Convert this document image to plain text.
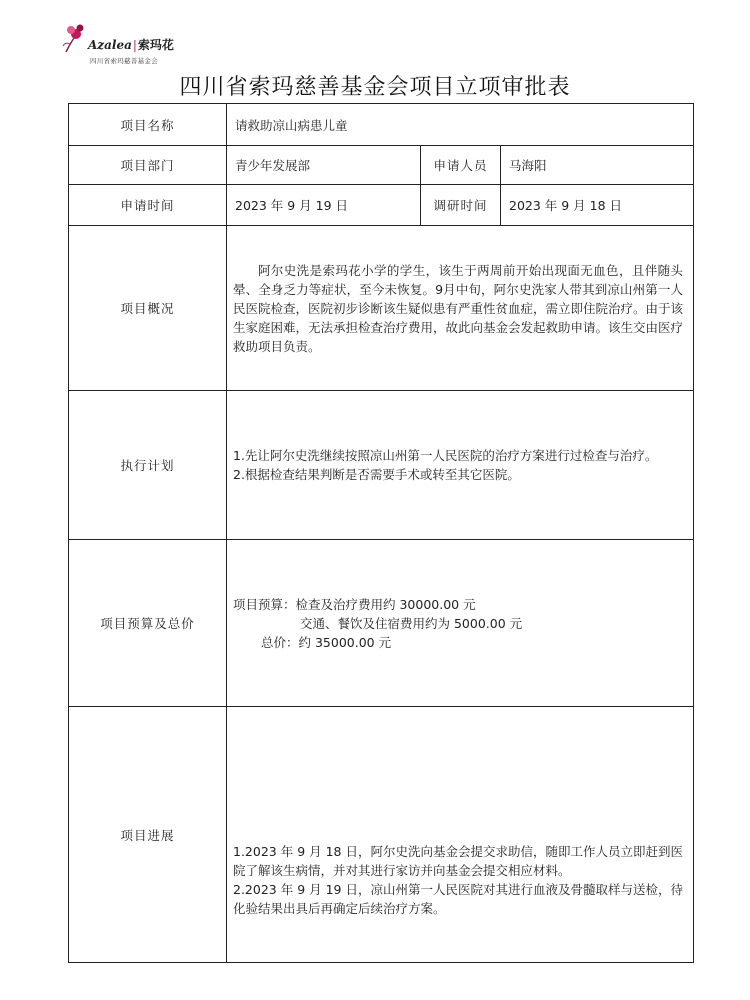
Azalea|索玛花
四川省索玛慈善基金会
四川省索玛慈善基金会项目立项审批表
项目名称	请救助凉山病患儿童		
项目部门	青少年发展部	申请人员	马海阳
申请时间	2023 年 9 月 19 日	调研时间	2023 年 9 月 18 日
项目概况	阿尔史洗是索玛花小学的学生，该生于两周前开始出现面无血色，且伴随头晕、全身乏力等症状，至今未恢复。9月中旬，阿尔史洗家人带其到凉山州第一人民医院检查，医院初步诊断该生疑似患有严重性贫血症，需立即住院治疗。由于该生家庭困难，无法承担检查治疗费用，故此向基金会发起救助申请。该生交由医疗救助项目负责。		

执行计划	1.先让阿尔史洗继续按照凉山州第一人民医院的治疗方案进行过检查与治疗。
2.根据检查结果判断是否需要手术或转至其它医院。		

项目预算及总价	项目预算：检查及治疗费用约 30000.00 元
交通、餐饮及住宿费用约为 5000.00 元
总价：约 35000.00 元		

项目进展	1.2023 年 9 月 18 日，阿尔史洗向基金会提交求助信，随即工作人员立即赶到医院了解该生病情，并对其进行家访并向基金会提交相应材料。
2.2023 年 9 月 19 日，凉山州第一人民医院对其进行血液及骨髓取样与送检，待化验结果出具后再确定后续治疗方案。		
